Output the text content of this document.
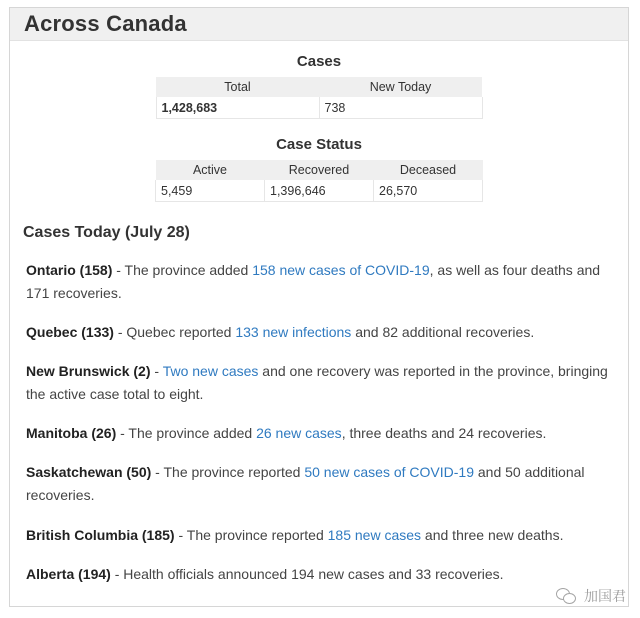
Across Canada

Cases

Total	New Today
1,428,683	738

Case Status

Active	Recovered	Deceased
5,459	1,396,646	26,570
Cases Today (July 28)

Ontario (158) - The province added 158 new cases of COVID-19, as well as four deaths and 171 recoveries.

Quebec (133) - Quebec reported 133 new infections and 82 additional recoveries.

New Brunswick (2) - Two new cases and one recovery was reported in the province, bringing the active case total to eight.

Manitoba (26) - The province added 26 new cases, three deaths and 24 recoveries.

Saskatchewan (50) - The province reported 50 new cases of COVID-19 and 50 additional recoveries.

British Columbia (185) - The province reported 185 new cases and three new deaths.

Alberta (194) - Health officials announced 194 new cases and 33 recoveries.

加国君
